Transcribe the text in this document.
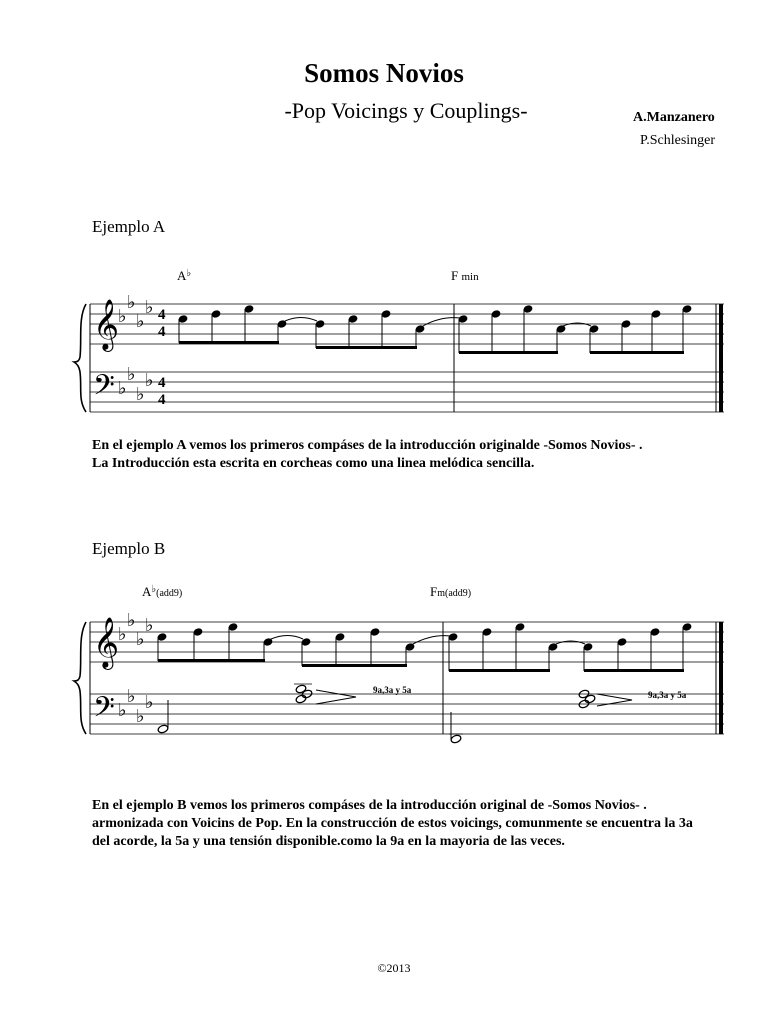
Somos Novios
-Pop Voicings y Couplings-	A.Manzanero
P.Schlesinger
Ejemplo A
Ejemplo B
A♭	F min
A♭(add9)	Fm(add9)
𝄞
𝄢
♭
♭
♭
♭
♭
♭
♭
♭
4
4
4
4
𝄞
𝄢
♭
♭
♭
♭
♭
♭
♭
♭
9a,3a y 5a	9a,3a y 5a
En el ejemplo A vemos los primeros compáses de la introducción originalde -Somos Novios- .
La Introducción esta escrita en corcheas como una linea melódica sencilla.
En el ejemplo B vemos los primeros compáses de la introducción original de -Somos Novios- .
armonizada con Voicins de Pop. En la construcción de estos voicings, comunmente se encuentra la 3a
del acorde, la 5a y una tensión disponible.como la 9a en la mayoria de las veces.
©2013
